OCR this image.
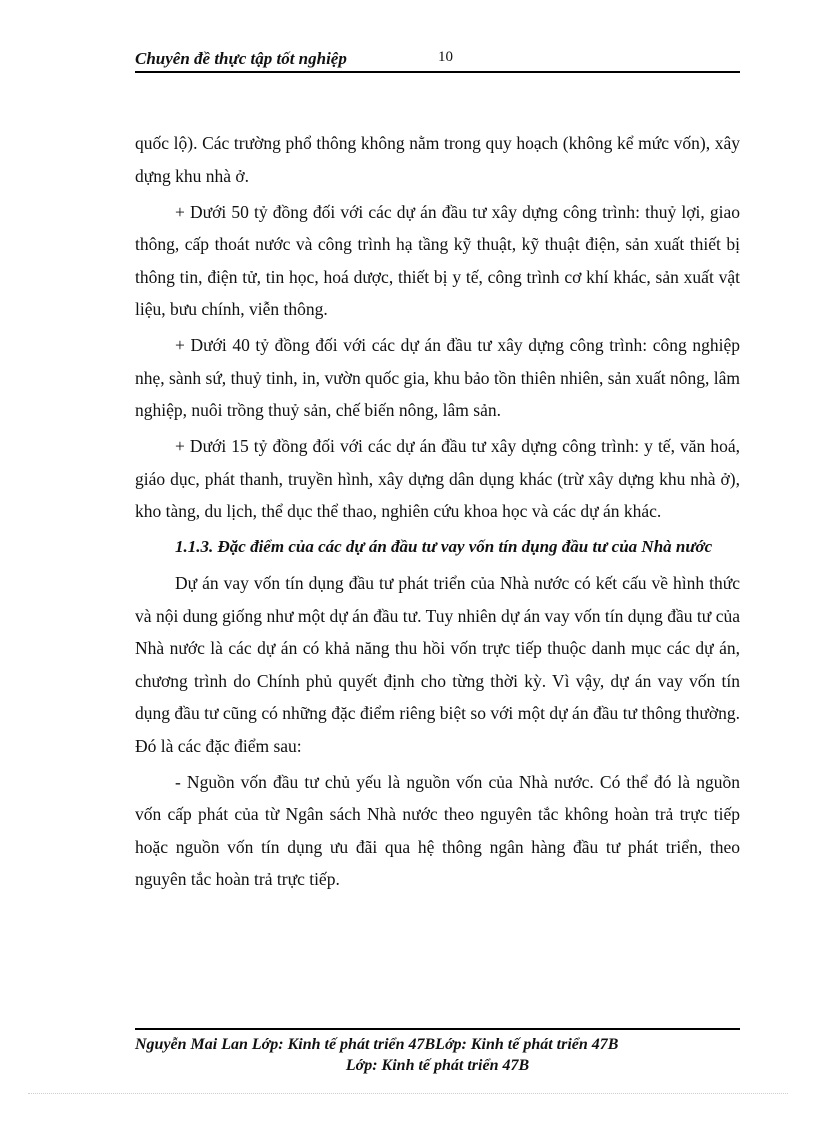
Chuyên đề thực tập tốt nghiệp	10

quốc lộ). Các trường phổ thông không nằm trong quy hoạch (không kể mức vốn), xây dựng khu nhà ở.

+ Dưới 50 tỷ đồng đối với các dự án đầu tư xây dựng công trình: thuỷ lợi, giao thông, cấp thoát nước và công trình hạ tầng kỹ thuật, kỹ thuật điện, sản xuất thiết bị thông tin, điện tử, tin học, hoá dược, thiết bị y tế, công trình cơ khí khác, sản xuất vật liệu, bưu chính, viễn thông.

+ Dưới 40 tỷ đồng đối với các dự án đầu tư xây dựng công trình: công nghiệp nhẹ, sành sứ, thuỷ tinh, in, vườn quốc gia, khu bảo tồn thiên nhiên, sản xuất nông, lâm nghiệp, nuôi trồng thuỷ sản, chế biến nông, lâm sản.

+ Dưới 15 tỷ đồng đối với các dự án đầu tư xây dựng công trình: y tế, văn hoá, giáo dục, phát thanh, truyền hình, xây dựng dân dụng khác (trừ xây dựng khu nhà ở), kho tàng, du lịch, thể dục thể thao, nghiên cứu khoa học và các dự án khác.

1.1.3. Đặc điểm của các dự án đầu tư vay vốn tín dụng đầu tư của Nhà nước

Dự án vay vốn tín dụng đầu tư phát triển của Nhà nước có kết cấu về hình thức và nội dung giống như một dự án đầu tư. Tuy nhiên dự án vay vốn tín dụng đầu tư của Nhà nước là các dự án có khả năng thu hồi vốn trực tiếp thuộc danh mục các dự án, chương trình do Chính phủ quyết định cho từng thời kỳ. Vì vậy, dự án vay vốn tín dụng đầu tư cũng có những đặc điểm riêng biệt so với một dự án đầu tư thông thường. Đó là các đặc điểm sau:

- Nguồn vốn đầu tư chủ yếu là nguồn vốn của Nhà nước. Có thể đó là nguồn vốn cấp phát của từ Ngân sách Nhà nước theo nguyên tắc không hoàn trả trực tiếp hoặc nguồn vốn tín dụng ưu đãi qua hệ thông ngân hàng đầu tư phát triển, theo nguyên tắc hoàn trả trực tiếp.

Nguyễn Mai Lan Lớp: Kinh tế phát triển 47BLớp: Kinh tế phát triển 47B
Lớp: Kinh tế phát triển 47B
